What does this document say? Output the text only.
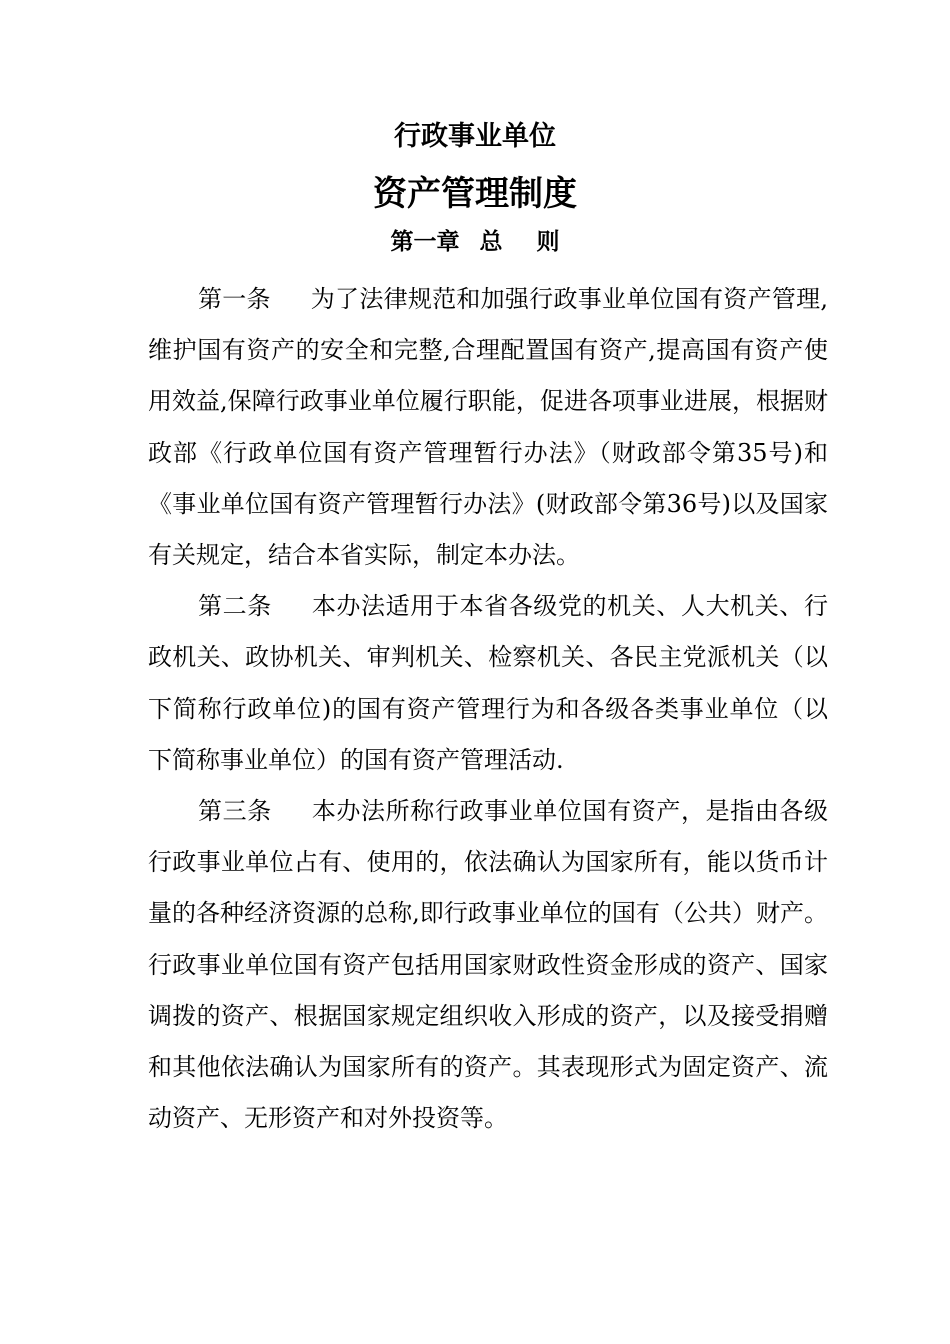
行政事业单位
资产管理制度
第一章 总 则

第一条 为了法律规范和加强行政事业单位国有资产管理,维护国有资产的安全和完整,合理配置国有资产,提高国有资产使用效益,保障行政事业单位履行职能，促进各项事业进展，根据财政部《行政单位国有资产管理暂行办法》（财政部令第35号)和《事业单位国有资产管理暂行办法》(财政部令第36号)以及国家有关规定，结合本省实际，制定本办法。

第二条 本办法适用于本省各级党的机关、人大机关、行政机关、政协机关、审判机关、检察机关、各民主党派机关（以下简称行政单位)的国有资产管理行为和各级各类事业单位（以下简称事业单位）的国有资产管理活动.

第三条 本办法所称行政事业单位国有资产，是指由各级行政事业单位占有、使用的，依法确认为国家所有，能以货币计量的各种经济资源的总称,即行政事业单位的国有（公共）财产。行政事业单位国有资产包括用国家财政性资金形成的资产、国家调拨的资产、根据国家规定组织收入形成的资产，以及接受捐赠和其他依法确认为国家所有的资产。其表现形式为固定资产、流动资产、无形资产和对外投资等。
